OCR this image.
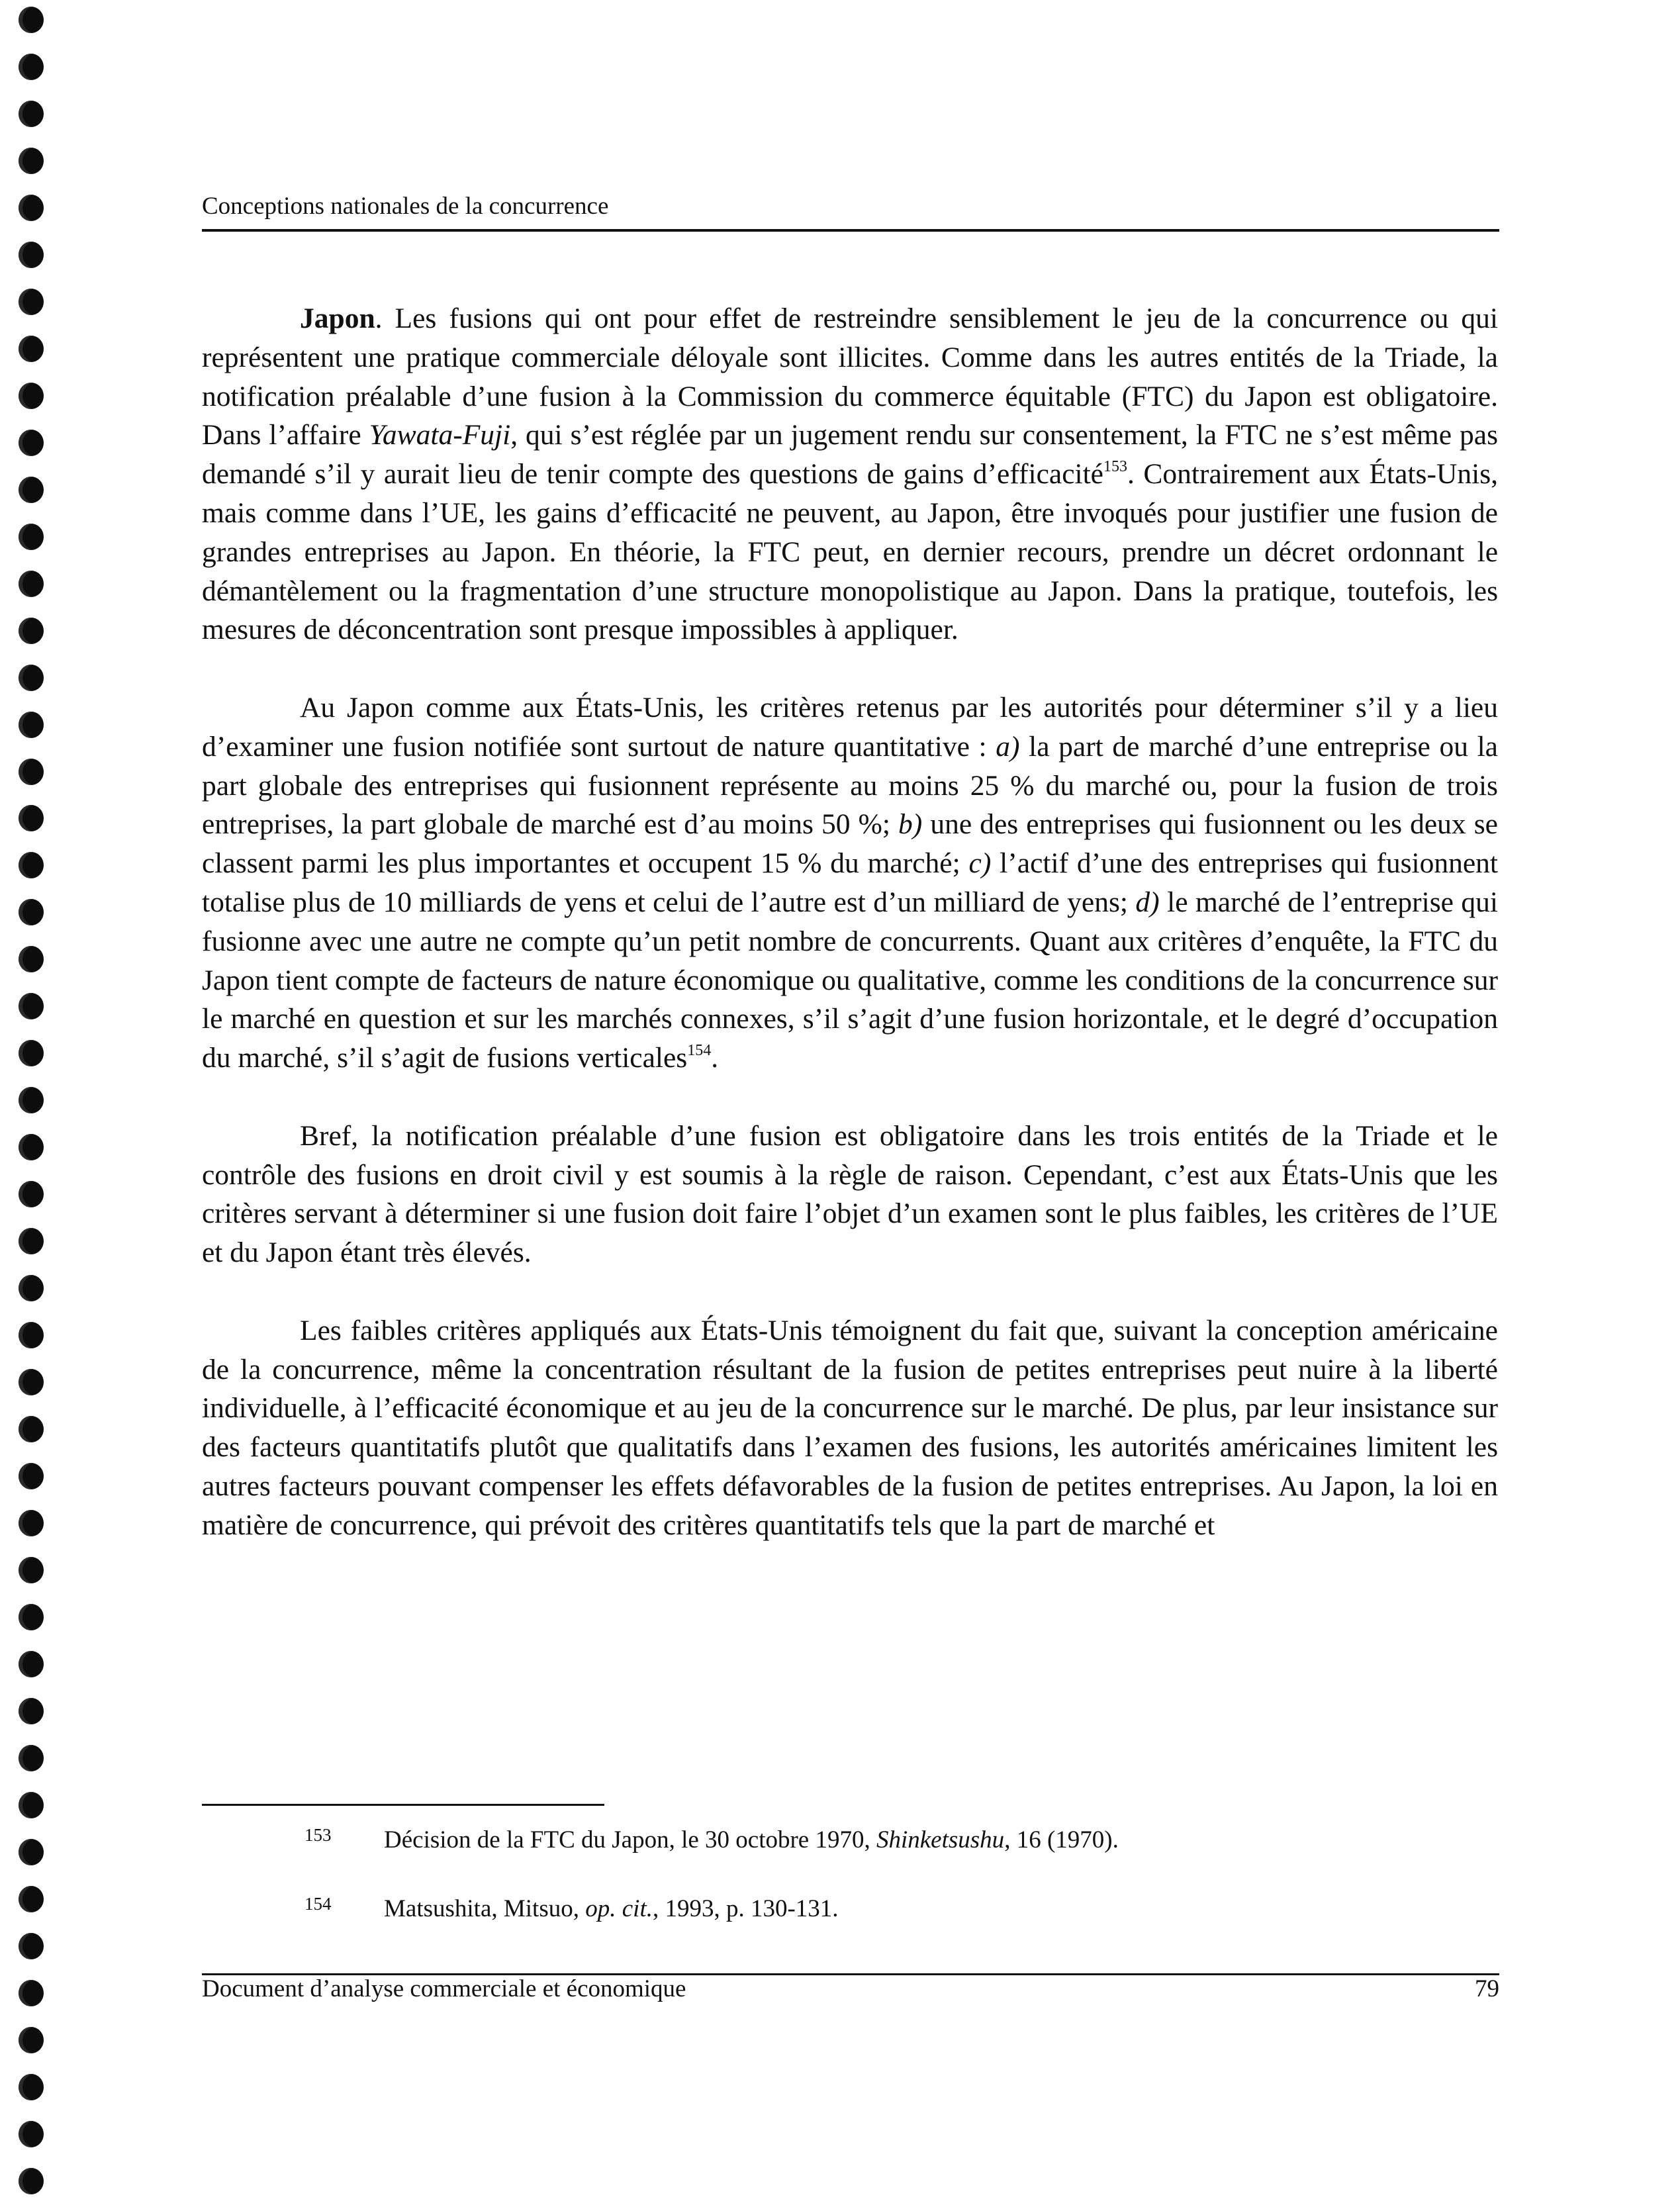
Conceptions nationales de la concurrence

Japon. Les fusions qui ont pour effet de restreindre sensiblement le jeu de la concurrence ou qui représentent une pratique commerciale déloyale sont illicites. Comme dans les autres entités de la Triade, la notification préalable d’une fusion à la Commission du commerce équitable (FTC) du Japon est obligatoire. Dans l’affaire Yawata-Fuji, qui s’est réglée par un jugement rendu sur consentement, la FTC ne s’est même pas demandé s’il y aurait lieu de tenir compte des questions de gains d’efficacité$^{153}$. Contrairement aux États-Unis, mais comme dans l’UE, les gains d’efficacité ne peuvent, au Japon, être invoqués pour justifier une fusion de grandes entreprises au Japon. En théorie, la FTC peut, en dernier recours, prendre un décret ordonnant le démantèlement ou la fragmentation d’une structure monopolistique au Japon. Dans la pratique, toutefois, les mesures de déconcentration sont presque impossibles à appliquer.

Au Japon comme aux États-Unis, les critères retenus par les autorités pour déterminer s’il y a lieu d’examiner une fusion notifiée sont surtout de nature quantitative : a) la part de marché d’une entreprise ou la part globale des entreprises qui fusionnent représente au moins 25 % du marché ou, pour la fusion de trois entreprises, la part globale de marché est d’au moins 50 %; b) une des entreprises qui fusionnent ou les deux se classent parmi les plus importantes et occupent 15 % du marché; c) l’actif d’une des entreprises qui fusionnent totalise plus de 10 milliards de yens et celui de l’autre est d’un milliard de yens; d) le marché de l’entreprise qui fusionne avec une autre ne compte qu’un petit nombre de concurrents. Quant aux critères d’enquête, la FTC du Japon tient compte de facteurs de nature économique ou qualitative, comme les conditions de la concurrence sur le marché en question et sur les marchés connexes, s’il s’agit d’une fusion horizontale, et le degré d’occupation du marché, s’il s’agit de fusions verticales$^{154}$.

Bref, la notification préalable d’une fusion est obligatoire dans les trois entités de la Triade et le contrôle des fusions en droit civil y est soumis à la règle de raison. Cependant, c’est aux États-Unis que les critères servant à déterminer si une fusion doit faire l’objet d’un examen sont le plus faibles, les critères de l’UE et du Japon étant très élevés.

Les faibles critères appliqués aux États-Unis témoignent du fait que, suivant la conception américaine de la concurrence, même la concentration résultant de la fusion de petites entreprises peut nuire à la liberté individuelle, à l’efficacité économique et au jeu de la concurrence sur le marché. De plus, par leur insistance sur des facteurs quantitatifs plutôt que qualitatifs dans l’examen des fusions, les autorités américaines limitent les autres facteurs pouvant compenser les effets défavorables de la fusion de petites entreprises. Au Japon, la loi en matière de concurrence, qui prévoit des critères quantitatifs tels que la part de marché et

153	Décision de la FTC du Japon, le 30 octobre 1970, Shinketsushu, 16 (1970).
154	Matsushita, Mitsuo, op. cit., 1993, p. 130-131.
Document d’analyse commerciale et économique	79
